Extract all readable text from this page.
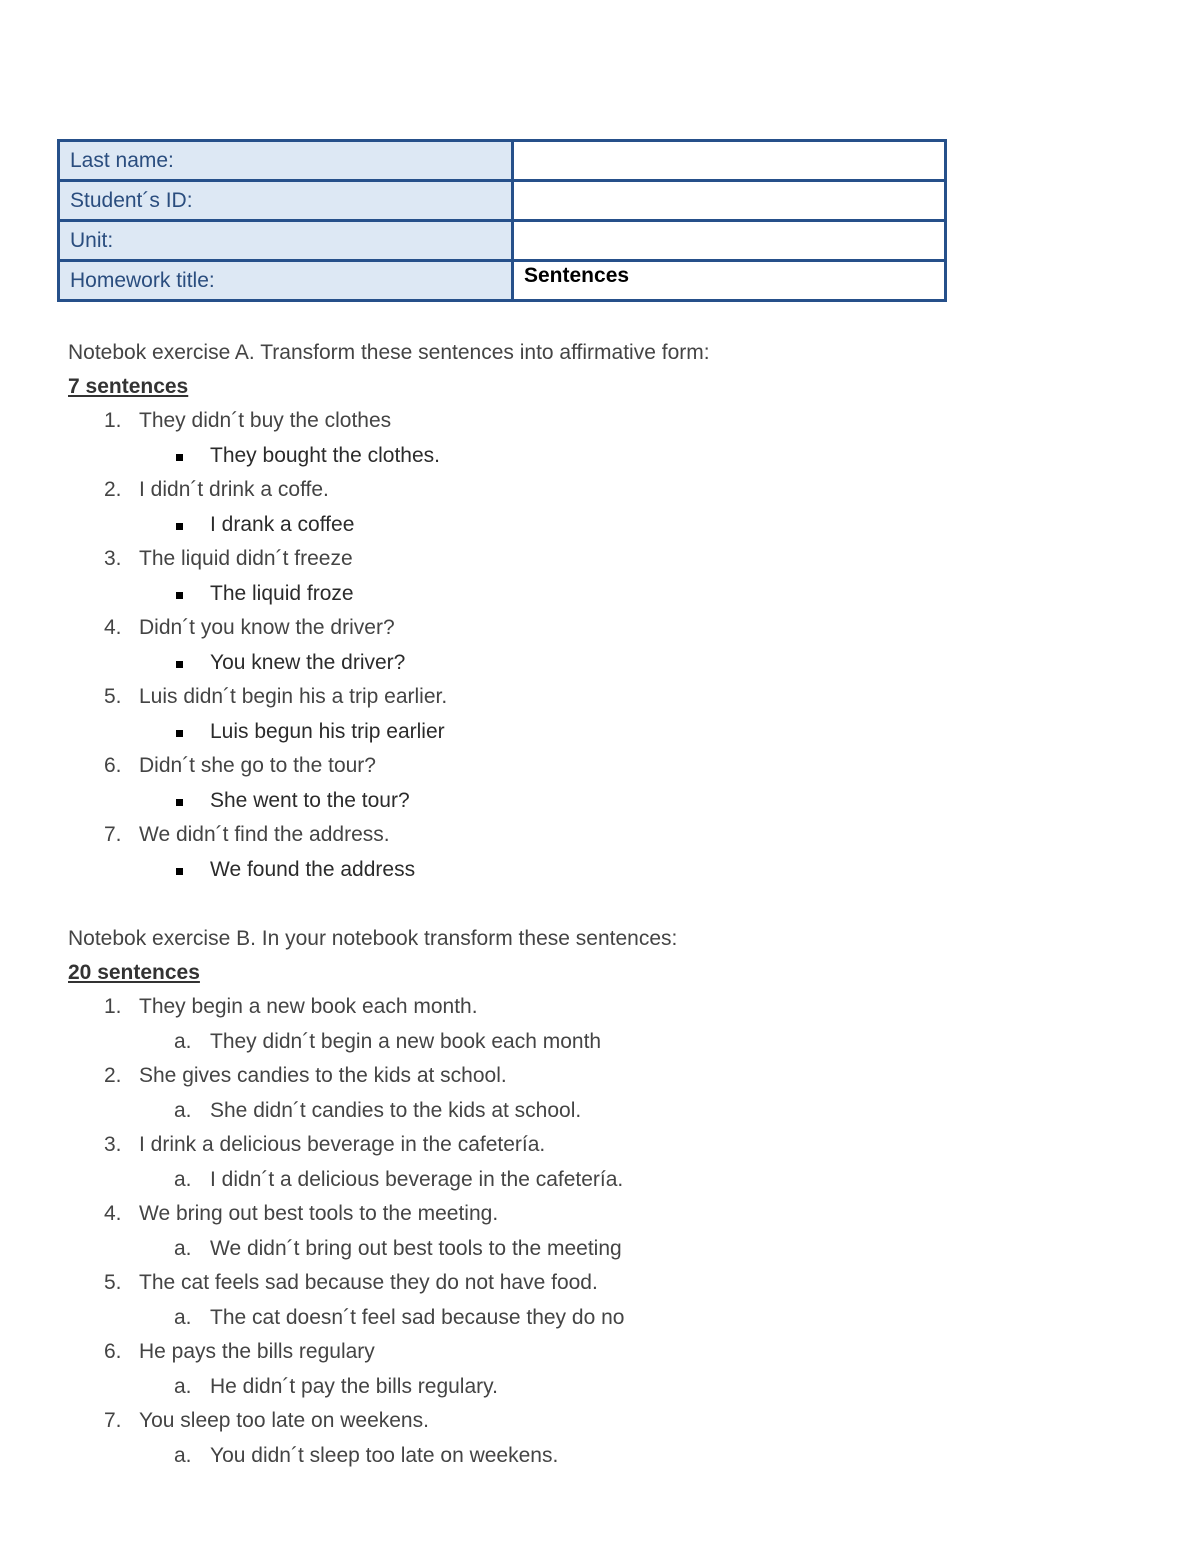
Last name:	
Student´s ID:	
Unit:	
Homework title:	Sentences
Notebok exercise A. Transform these sentences into affirmative form:
7 sentences
1. They didn´t buy the clothes
They bought the clothes.
2. I didn´t drink a coffe.
I drank a coffee
3. The liquid didn´t freeze
The liquid froze
4. Didn´t you know the driver?
You knew the driver?
5. Luis didn´t begin his a trip earlier.
Luis begun his trip earlier
6. Didn´t she go to the tour?
She went to the tour?
7. We didn´t find the address.
We found the address
Notebok exercise B. In your notebook transform these sentences:
20 sentences
1. They begin a new book each month.
a. They didn´t begin a new book each month
2. She gives candies to the kids at school.
a. She didn´t candies to the kids at school.
3. I drink a delicious beverage in the cafetería.
a. I didn´t a delicious beverage in the cafetería.
4. We bring out best tools to the meeting.
a. We didn´t bring out best tools to the meeting
5. The cat feels sad because they do not have food.
a. The cat doesn´t feel sad because they do no
6. He pays the bills regulary
a. He didn´t pay the bills regulary.
7. You sleep too late on weekens.
a. You didn´t sleep too late on weekens.
